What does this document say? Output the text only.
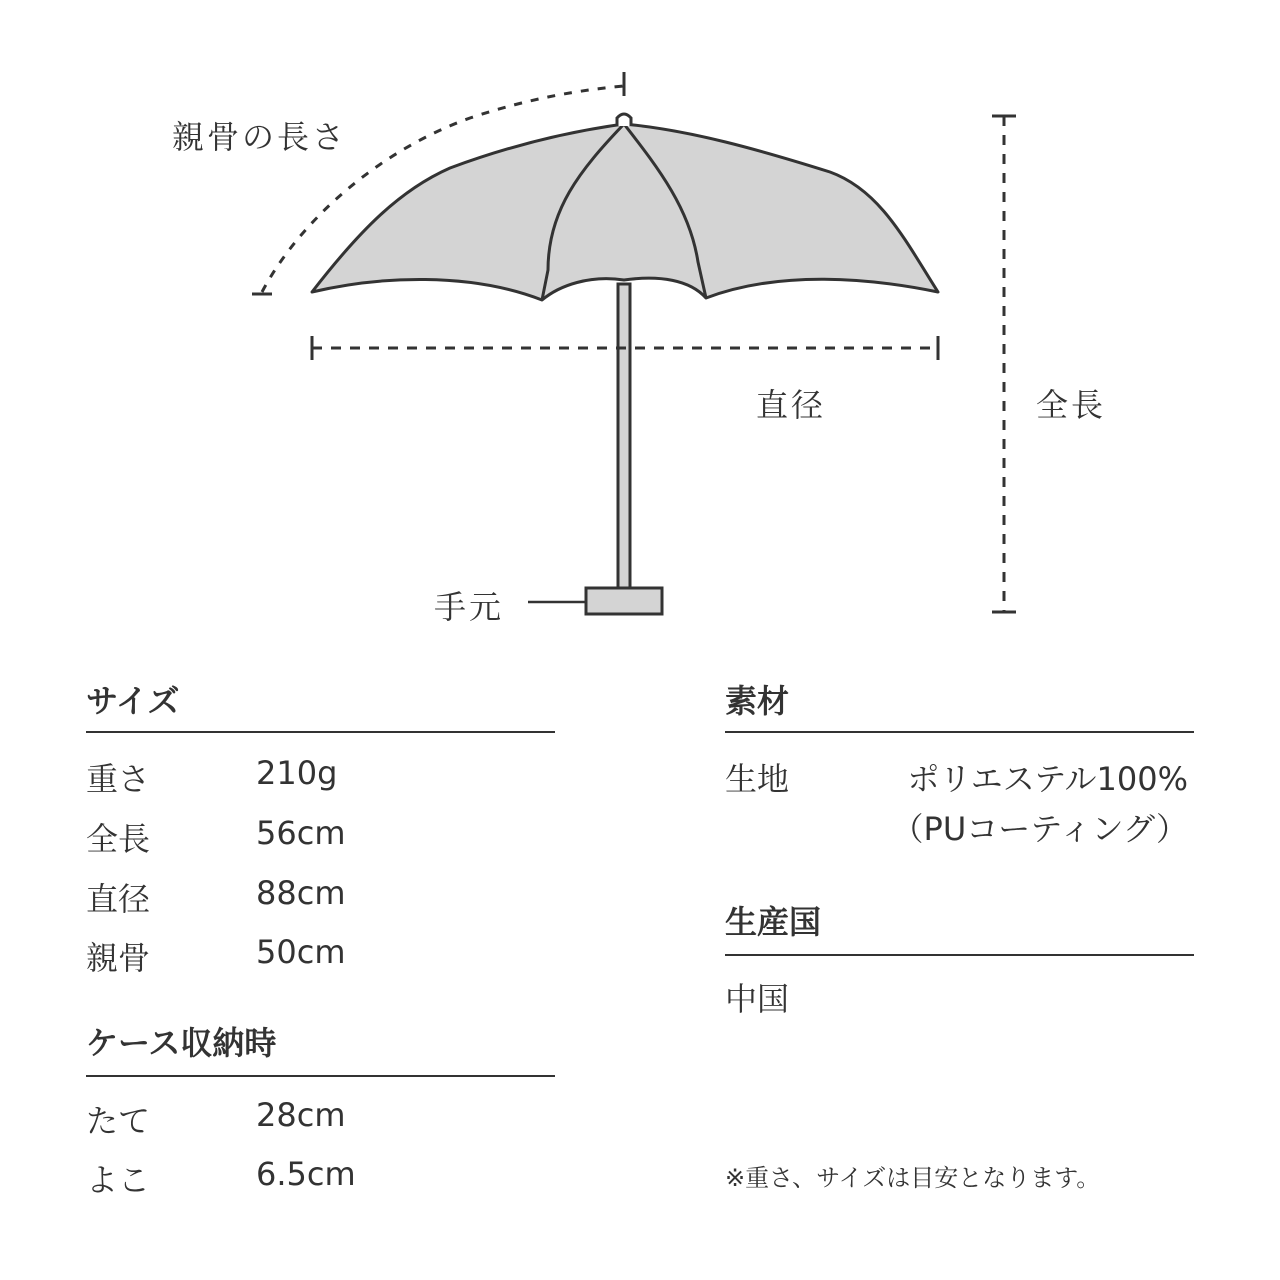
親骨の長さ
直径	全長
手元
サイズ
重さ	210g
全長	56cm
直径	88cm
親骨	50cm
ケース収納時
たて	28cm
よこ	6.5cm
素材
生地	ポリエステル100%
（PUコーティング）
生産国
中国
※重さ、サイズは目安となります。
